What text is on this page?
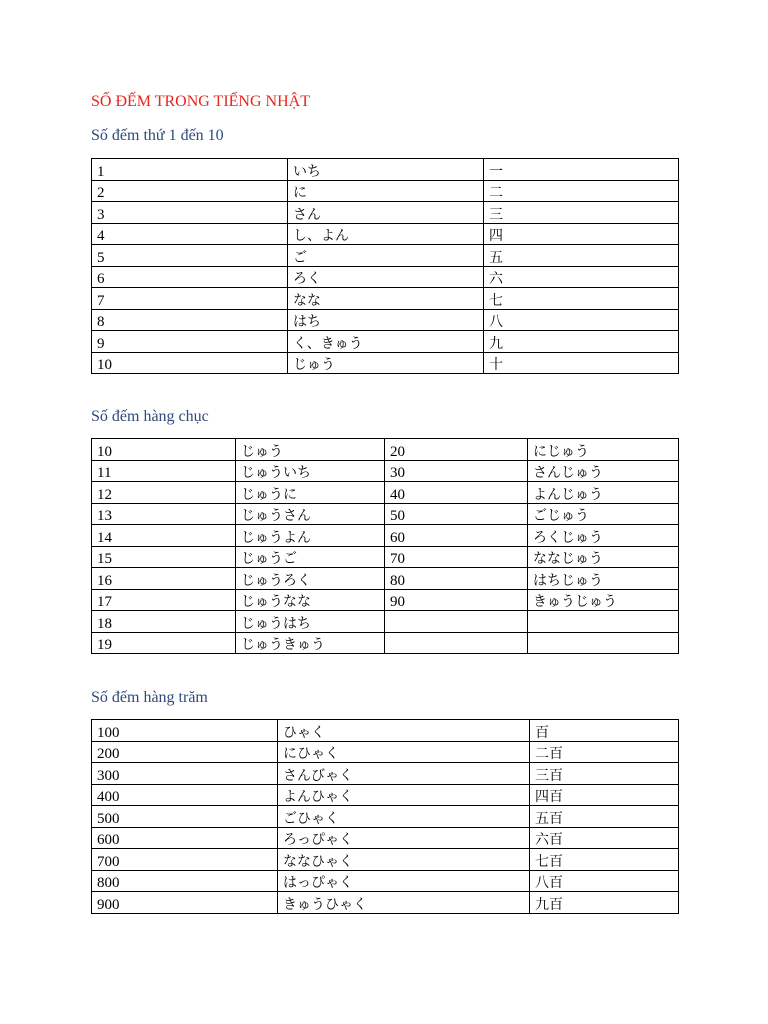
SỐ ĐẾM TRONG TIẾNG NHẬT
Số đếm thứ 1 đến 10
1	いち	一
2	に	二
3	さん	三
4	し、よん	四
5	ご	五
6	ろく	六
7	なな	七
8	はち	八
9	く、きゅう	九
10	じゅう	十
Số đếm hàng chục
10	じゅう	20	にじゅう
11	じゅういち	30	さんじゅう
12	じゅうに	40	よんじゅう
13	じゅうさん	50	ごじゅう
14	じゅうよん	60	ろくじゅう
15	じゅうご	70	ななじゅう
16	じゅうろく	80	はちじゅう
17	じゅうなな	90	きゅうじゅう
18	じゅうはち		
19	じゅうきゅう		
Số đếm hàng trăm
100	ひゃく	百
200	にひゃく	二百
300	さんびゃく	三百
400	よんひゃく	四百
500	ごひゃく	五百
600	ろっぴゃく	六百
700	ななひゃく	七百
800	はっぴゃく	八百
900	きゅうひゃく	九百
